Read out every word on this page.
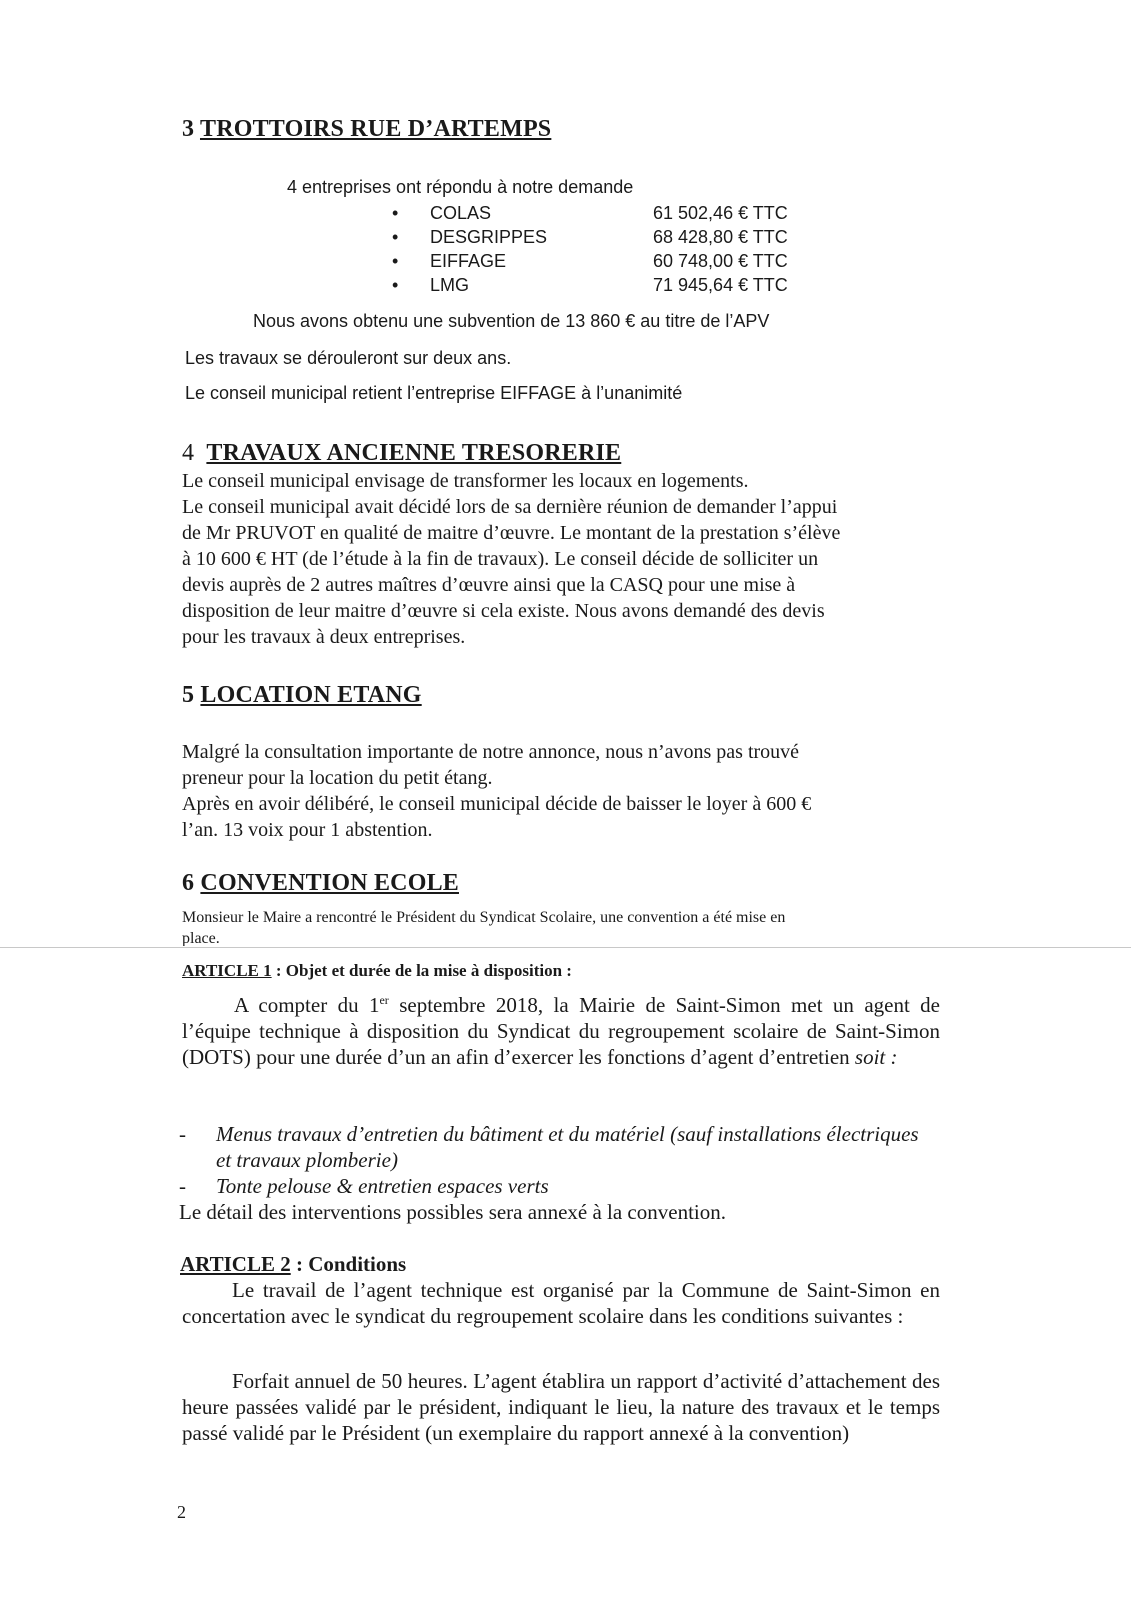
3 TROTTOIRS RUE D’ARTEMPS

4 entreprises ont répondu à notre demande

• COLAS	61 502,46 € TTC
• DESGRIPPES	68 428,80 € TTC
• EIFFAGE	60 748,00 € TTC
• LMG	71 945,64 € TTC

Nous avons obtenu une subvention de 13 860 € au titre de l’APV

Les travaux se dérouleront sur deux ans.

Le conseil municipal retient l’entreprise EIFFAGE à l’unanimité

4 TRAVAUX ANCIENNE TRESORERIE
Le conseil municipal envisage de transformer les locaux en logements.
Le conseil municipal avait décidé lors de sa dernière réunion de demander l’appui
de Mr PRUVOT en qualité de maitre d’œuvre. Le montant de la prestation s’élève
à 10 600 € HT (de l’étude à la fin de travaux). Le conseil décide de solliciter un
devis auprès de 2 autres maîtres d’œuvre ainsi que la CASQ pour une mise à
disposition de leur maitre d’œuvre si cela existe. Nous avons demandé des devis
pour les travaux à deux entreprises.
5 LOCATION ETANG
Malgré la consultation importante de notre annonce, nous n’avons pas trouvé
preneur pour la location du petit étang.
Après en avoir délibéré, le conseil municipal décide de baisser le loyer à 600 €
l’an. 13 voix pour 1 abstention.
6 CONVENTION ECOLE

Monsieur le Maire a rencontré le Président du Syndicat Scolaire, une convention a été mise en

place.

ARTICLE 1 : Objet et durée de la mise à disposition :

A compter du 1er septembre 2018, la Mairie de Saint-Simon met un agent de l’équipe technique à disposition du Syndicat du regroupement scolaire de Saint-Simon (DOTS) pour une durée d’un an afin d’exercer les fonctions d’agent d’entretien soit :

- Menus travaux d’entretien du bâtiment et du matériel (sauf installations électriques et travaux plomberie)
- Tonte pelouse & entretien espaces verts

Le détail des interventions possibles sera annexé à la convention.

ARTICLE 2 : Conditions

Le travail de l’agent technique est organisé par la Commune de Saint-Simon en concertation avec le syndicat du regroupement scolaire dans les conditions suivantes :

Forfait annuel de 50 heures. L’agent établira un rapport d’activité d’attachement des heure passées validé par le président, indiquant le lieu, la nature des travaux et le temps passé validé par le Président (un exemplaire du rapport annexé à la convention)

2
